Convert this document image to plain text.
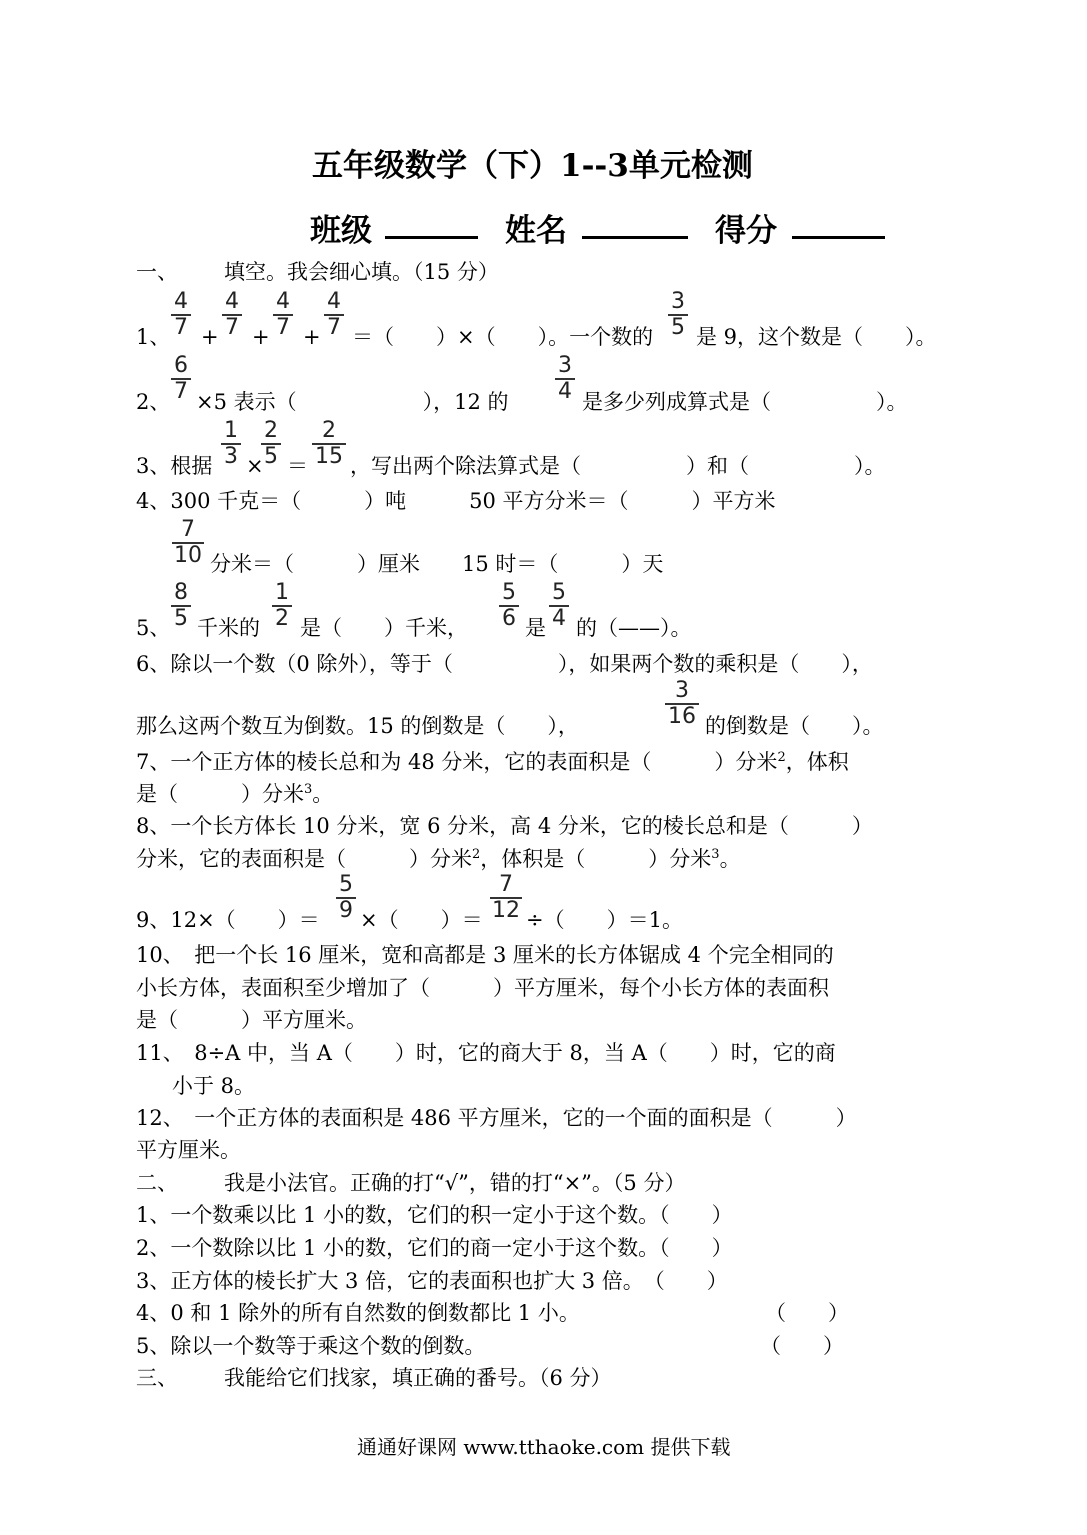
五年级数学（下）1--3单元检测
班级	姓名	得分
一、 填空。我会细心填。（15 分）
1、
4
7 +
4
7 +
4
7 +
4
7 ＝（　　）×（　　）。一个数的
3
5 是 9，这个数是（　　）。
2、
6
7 ×5 表示（　　　　　　），12 的
3
4 是多少列成算式是（　　　　　）。
3、根据
1
3 ×
2
5 ＝
2
15 ，写出两个除法算式是（　　　　　）和（　　　　　）。
4、300 千克＝（　　　）吨　　　50 平方分米＝（　　　）平方米
7
10 分米＝（　　　）厘米　　15 时＝（　　　）天
5、
8
5 千米的
1
2 是（　　）千米，
5
6 是
5
4 的（——）。
6、除以一个数（0 除外），等于（　　　　　），如果两个数的乘积是（　　），
那么这两个数互为倒数。15 的倒数是（　　），
3
16 的倒数是（　　）。
7、一个正方体的棱长总和为 48 分米，它的表面积是（　　　）分米$^2$，体积
是（　　　）分米$^3$。
8、一个长方体长 10 分米，宽 6 分米，高 4 分米，它的棱长总和是（　　　）
分米，它的表面积是（　　　）分米$^2$，体积是（　　　）分米$^3$。
9、12×（　　）＝
5
9 ×（　　）＝
7
12 ÷（　　）＝1。
10、　把一个长 16 厘米，宽和高都是 3 厘米的长方体锯成 4 个完全相同的
小长方体，表面积至少增加了（　　　）平方厘米，每个小长方体的表面积
是（　　　）平方厘米。
11、　8÷A 中，当 A（　　）时，它的商大于 8，当 A（　　）时，它的商
小于 8。
12、　一个正方体的表面积是 486 平方厘米，它的一个面的面积是（　　　）
平方厘米。
二、 我是小法官。正确的打“√”，错的打“×”。（5 分）
1、一个数乘以比 1 小的数，它们的积一定小于这个数。（　　）
2、一个数除以比 1 小的数，它们的商一定小于这个数。（　　）
3、正方体的棱长扩大 3 倍，它的表面积也扩大 3 倍。　（　　）
4、0 和 1 除外的所有自然数的倒数都比 1 小。	（　　）
5、除以一个数等于乘这个数的倒数。	（　　）
三、 我能给它们找家，填正确的番号。（6 分）
通通好课网 www.tthaoke.com 提供下载
